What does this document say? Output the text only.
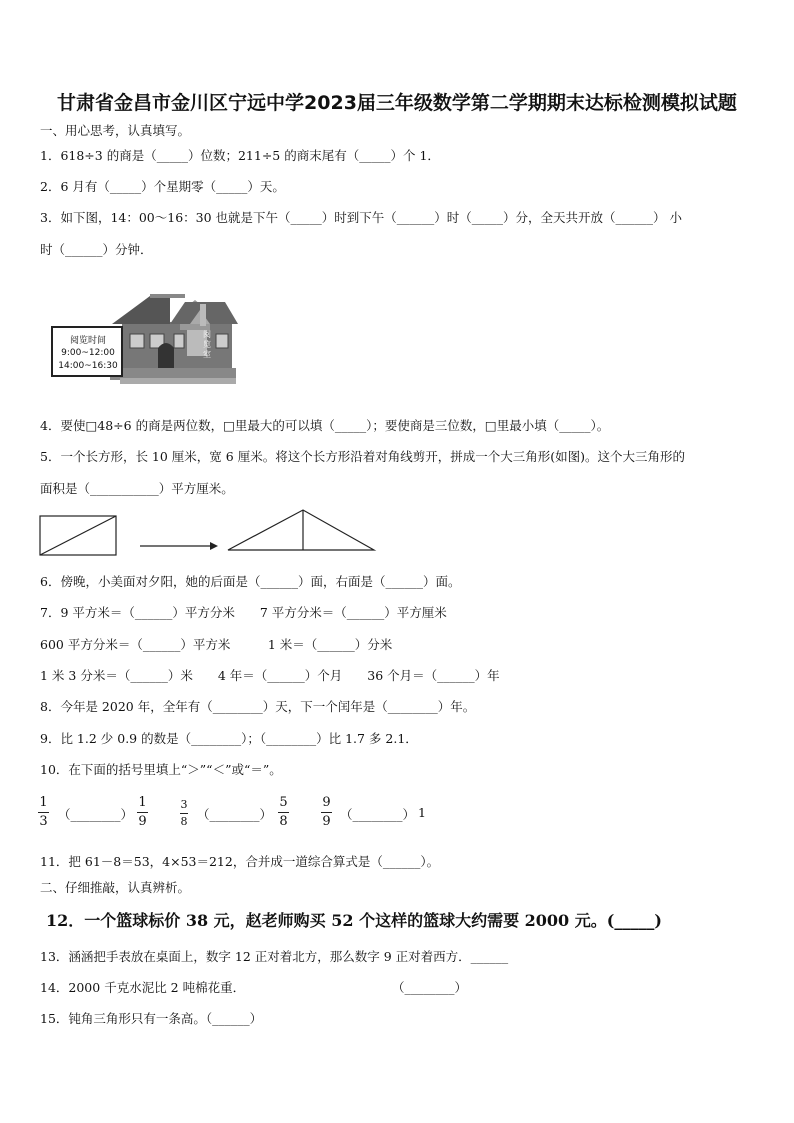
甘肃省金昌市金川区宁远中学2023届三年级数学第二学期期末达标检测模拟试题
一、用心思考，认真填写。
1．618÷3 的商是（_____）位数；211÷5 的商末尾有（_____）个 1．
2．6 月有（_____）个星期零（_____）天。
3．如下图，14：00～16：30 也就是下午（_____）时到下午（______）时（_____）分，全天共开放（______） 小
时（______）分钟．
阅览时间
9:00~12:00
14:00~16:30
阅览室
4．要使□48÷6 的商是两位数，□里最大的可以填（_____）；要使商是三位数，□里最小填（_____）。
5．一个长方形，长 10 厘米，宽 6 厘米。将这个长方形沿着对角线剪开，拼成一个大三角形(如图)。这个大三角形的
面积是（___________）平方厘米。
6．傍晚，小美面对夕阳，她的后面是（______）面，右面是（______）面。
7．9 平方米＝（______）平方分米　　7 平方分米＝（______）平方厘米
600 平方分米＝（______）平方米　　　1 米＝（______）分米
1 米 3 分米＝（______）米　　4 年＝（______）个月　　36 个月＝（______）年
8．今年是 2020 年，全年有（________）天，下一个闰年是（________）年。
9．比 1.2 少 0.9 的数是（________）；（________）比 1.7 多 2.1．
10．在下面的括号里填上“＞”“＜”或“＝”。
1
3 （________）
1
9
3
8 （________）
5
8
9
9 （________） 1
11．把 61－8＝53，4×53＝212，合并成一道综合算式是（______）。
二、仔细推敲，认真辨析。
12．一个篮球标价 38 元，赵老师购买 52 个这样的篮球大约需要 2000 元。(_____)
13．涵涵把手表放在桌面上，数字 12 正对着北方，那么数字 9 正对着西方．______
14．2000 千克水泥比 2 吨棉花重．	（________）
15．钝角三角形只有一条高。（______）
